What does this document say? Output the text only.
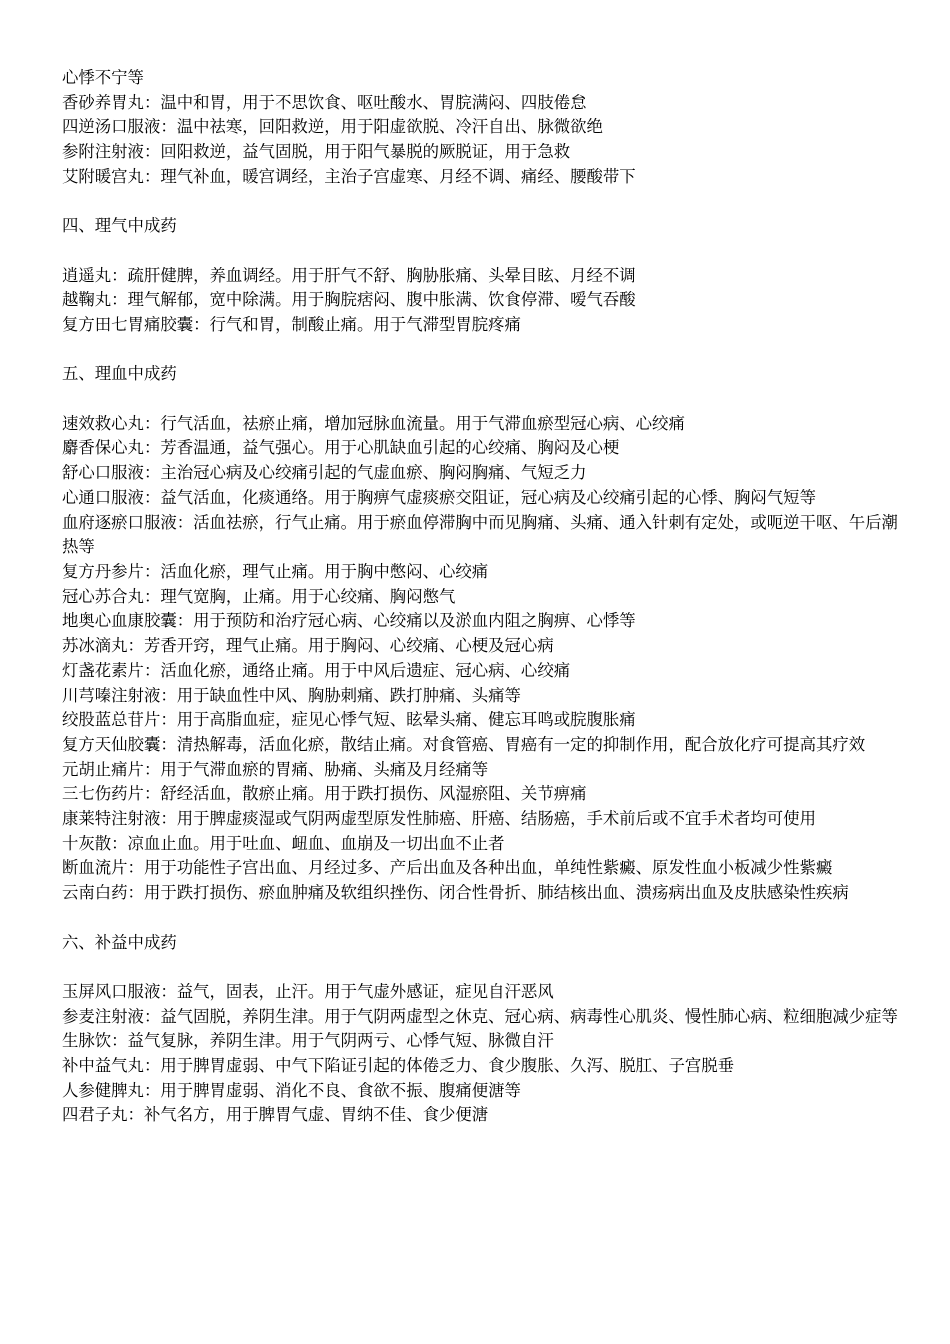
心悸不宁等

香砂养胃丸：温中和胃，用于不思饮食、呕吐酸水、胃脘满闷、四肢倦怠

四逆汤口服液：温中祛寒，回阳救逆，用于阳虚欲脱、冷汗自出、脉微欲绝

参附注射液：回阳救逆，益气固脱，用于阳气暴脱的厥脱证，用于急救

艾附暖宫丸：理气补血，暖宫调经，主治子宫虚寒、月经不调、痛经、腰酸带下

四、理气中成药

逍遥丸：疏肝健脾，养血调经。用于肝气不舒、胸胁胀痛、头晕目眩、月经不调

越鞠丸：理气解郁，宽中除满。用于胸脘痞闷、腹中胀满、饮食停滞、嗳气吞酸

复方田七胃痛胶囊：行气和胃，制酸止痛。用于气滞型胃脘疼痛

五、理血中成药

速效救心丸：行气活血，祛瘀止痛，增加冠脉血流量。用于气滞血瘀型冠心病、心绞痛

麝香保心丸：芳香温通，益气强心。用于心肌缺血引起的心绞痛、胸闷及心梗

舒心口服液：主治冠心病及心绞痛引起的气虚血瘀、胸闷胸痛、气短乏力

心通口服液：益气活血，化痰通络。用于胸痹气虚痰瘀交阻证，冠心病及心绞痛引起的心悸、胸闷气短等

血府逐瘀口服液：活血祛瘀，行气止痛。用于瘀血停滞胸中而见胸痛、头痛、通入针刺有定处，或呃逆干呕、午后潮热等

复方丹参片：活血化瘀，理气止痛。用于胸中憋闷、心绞痛

冠心苏合丸：理气宽胸，止痛。用于心绞痛、胸闷憋气

地奥心血康胶囊：用于预防和治疗冠心病、心绞痛以及淤血内阻之胸痹、心悸等

苏冰滴丸：芳香开窍，理气止痛。用于胸闷、心绞痛、心梗及冠心病

灯盏花素片：活血化瘀，通络止痛。用于中风后遗症、冠心病、心绞痛

川芎嗪注射液：用于缺血性中风、胸胁刺痛、跌打肿痛、头痛等

绞股蓝总苷片：用于高脂血症，症见心悸气短、眩晕头痛、健忘耳鸣或脘腹胀痛

复方天仙胶囊：清热解毒，活血化瘀，散结止痛。对食管癌、胃癌有一定的抑制作用，配合放化疗可提高其疗效

元胡止痛片：用于气滞血瘀的胃痛、胁痛、头痛及月经痛等

三七伤药片：舒经活血，散瘀止痛。用于跌打损伤、风湿瘀阻、关节痹痛

康莱特注射液：用于脾虚痰湿或气阴两虚型原发性肺癌、肝癌、结肠癌，手术前后或不宜手术者均可使用

十灰散：凉血止血。用于吐血、衄血、血崩及一切出血不止者

断血流片：用于功能性子宫出血、月经过多、产后出血及各种出血，单纯性紫癜、原发性血小板减少性紫癜

云南白药：用于跌打损伤、瘀血肿痛及软组织挫伤、闭合性骨折、肺结核出血、溃疡病出血及皮肤感染性疾病

六、补益中成药

玉屏风口服液：益气，固表，止汗。用于气虚外感证，症见自汗恶风

参麦注射液：益气固脱，养阴生津。用于气阴两虚型之休克、冠心病、病毒性心肌炎、慢性肺心病、粒细胞减少症等

生脉饮：益气复脉，养阴生津。用于气阴两亏、心悸气短、脉微自汗

补中益气丸：用于脾胃虚弱、中气下陷证引起的体倦乏力、食少腹胀、久泻、脱肛、子宫脱垂

人参健脾丸：用于脾胃虚弱、消化不良、食欲不振、腹痛便溏等

四君子丸：补气名方，用于脾胃气虚、胃纳不佳、食少便溏
